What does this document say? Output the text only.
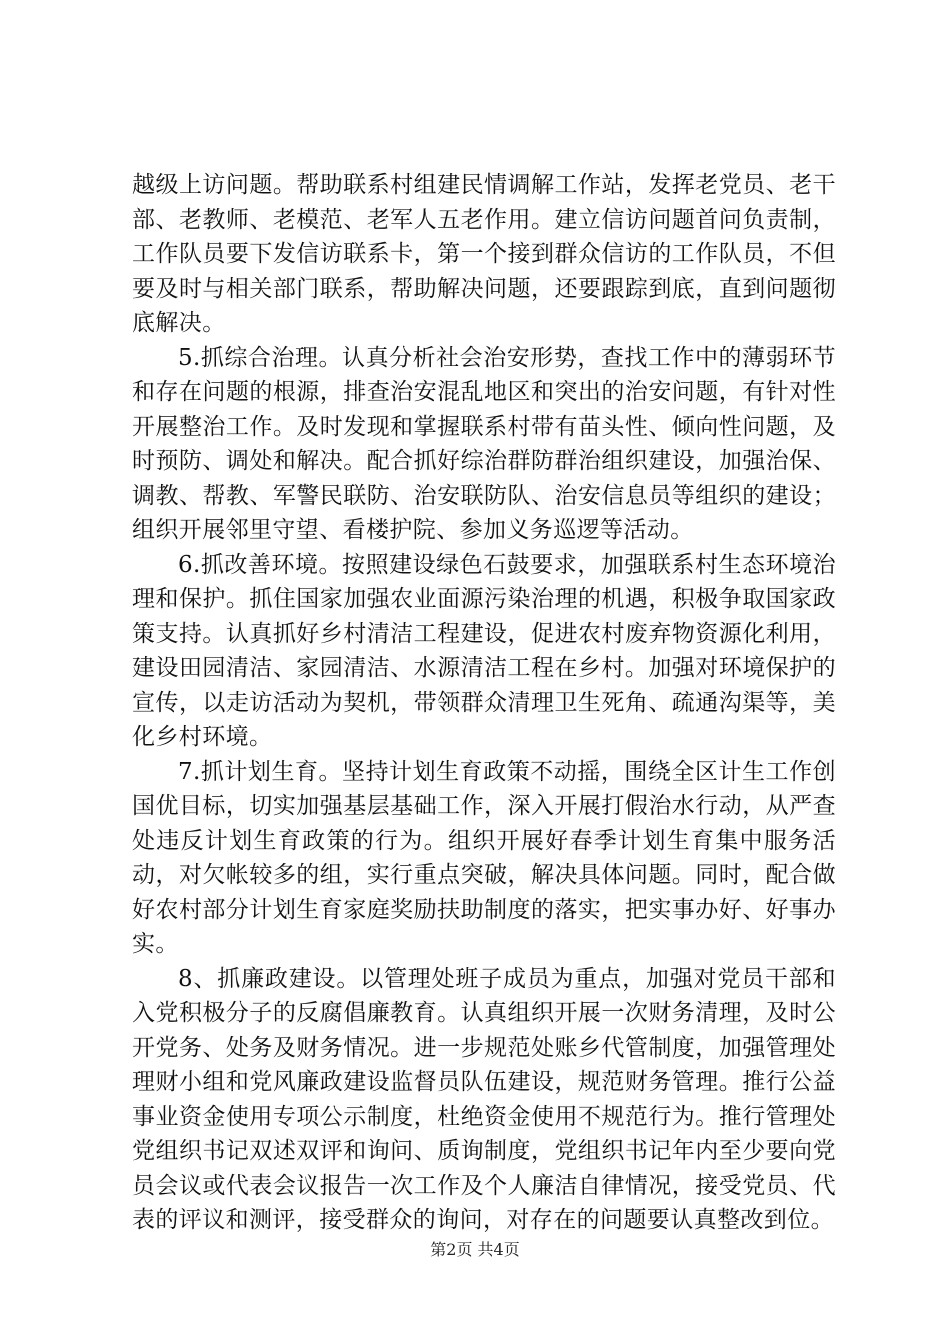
越级上访问题。帮助联系村组建民情调解工作站，发挥老党员、老干部、老教师、老模范、老军人五老作用。建立信访问题首问负责制，工作队员要下发信访联系卡，第一个接到群众信访的工作队员，不但要及时与相关部门联系，帮助解决问题，还要跟踪到底，直到问题彻底解决。

5.抓综合治理。认真分析社会治安形势，查找工作中的薄弱环节和存在问题的根源，排查治安混乱地区和突出的治安问题，有针对性开展整治工作。及时发现和掌握联系村带有苗头性、倾向性问题，及时预防、调处和解决。配合抓好综治群防群治组织建设，加强治保、调教、帮教、军警民联防、治安联防队、治安信息员等组织的建设；组织开展邻里守望、看楼护院、参加义务巡逻等活动。

6.抓改善环境。按照建设绿色石鼓要求，加强联系村生态环境治理和保护。抓住国家加强农业面源污染治理的机遇，积极争取国家政策支持。认真抓好乡村清洁工程建设，促进农村废弃物资源化利用，建设田园清洁、家园清洁、水源清洁工程在乡村。加强对环境保护的宣传，以走访活动为契机，带领群众清理卫生死角、疏通沟渠等，美化乡村环境。

7.抓计划生育。坚持计划生育政策不动摇，围绕全区计生工作创国优目标，切实加强基层基础工作，深入开展打假治水行动，从严查处违反计划生育政策的行为。组织开展好春季计划生育集中服务活动，对欠帐较多的组，实行重点突破，解决具体问题。同时，配合做好农村部分计划生育家庭奖励扶助制度的落实，把实事办好、好事办实。

8、抓廉政建设。以管理处班子成员为重点，加强对党员干部和入党积极分子的反腐倡廉教育。认真组织开展一次财务清理，及时公开党务、处务及财务情况。进一步规范处账乡代管制度，加强管理处理财小组和党风廉政建设监督员队伍建设，规范财务管理。推行公益事业资金使用专项公示制度，杜绝资金使用不规范行为。推行管理处党组织书记双述双评和询问、质询制度，党组织书记年内至少要向党员会议或代表会议报告一次工作及个人廉洁自律情况，接受党员、代表的评议和测评，接受群众的询问，对存在的问题要认真整改到位。

第2页 共4页
